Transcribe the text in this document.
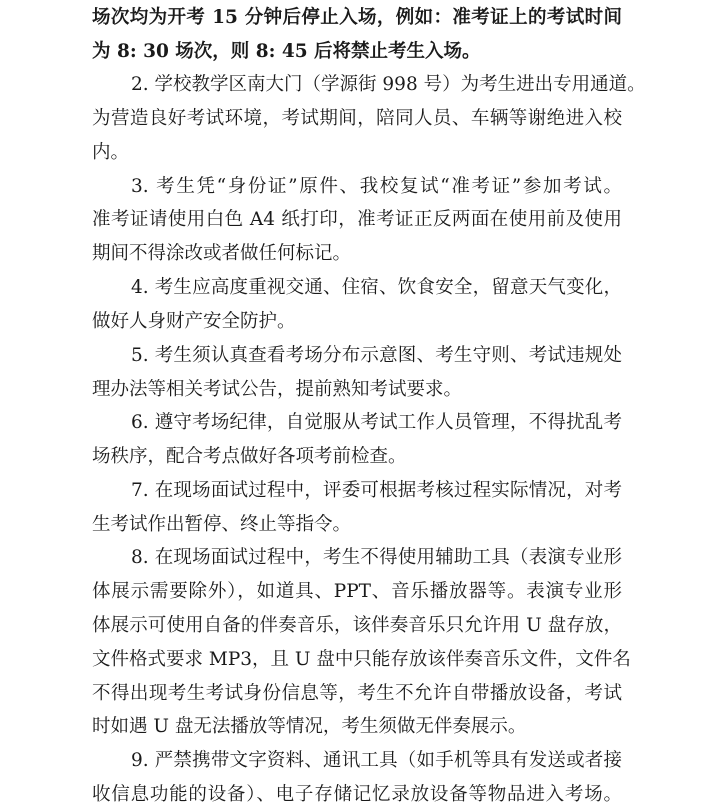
场次均为开考 15 分钟后停止入场，例如：准考证上的考试时间
为 8: 30 场次，则 8: 45 后将禁止考生入场。
2. 学校教学区南大门（学源街 998 号）为考生进出专用通道。
为营造良好考试环境，考试期间，陪同人员、车辆等谢绝进入校
内。
3. 考生凭“身份证”原件、我校复试“准考证”参加考试。
准考证请使用白色 A4 纸打印，准考证正反两面在使用前及使用
期间不得涂改或者做任何标记。
4. 考生应高度重视交通、住宿、饮食安全，留意天气变化，
做好人身财产安全防护。
5. 考生须认真查看考场分布示意图、考生守则、考试违规处
理办法等相关考试公告，提前熟知考试要求。
6. 遵守考场纪律，自觉服从考试工作人员管理，不得扰乱考
场秩序，配合考点做好各项考前检查。
7. 在现场面试过程中，评委可根据考核过程实际情况，对考
生考试作出暂停、终止等指令。
8. 在现场面试过程中，考生不得使用辅助工具（表演专业形
体展示需要除外），如道具、PPT、音乐播放器等。表演专业形
体展示可使用自备的伴奏音乐，该伴奏音乐只允许用 U 盘存放，
文件格式要求 MP3，且 U 盘中只能存放该伴奏音乐文件，文件名
不得出现考生考试身份信息等，考生不允许自带播放设备，考试
时如遇 U 盘无法播放等情况，考生须做无伴奏展示。
9. 严禁携带文字资料、通讯工具（如手机等具有发送或者接
收信息功能的设备）、电子存储记忆录放设备等物品进入考场。
